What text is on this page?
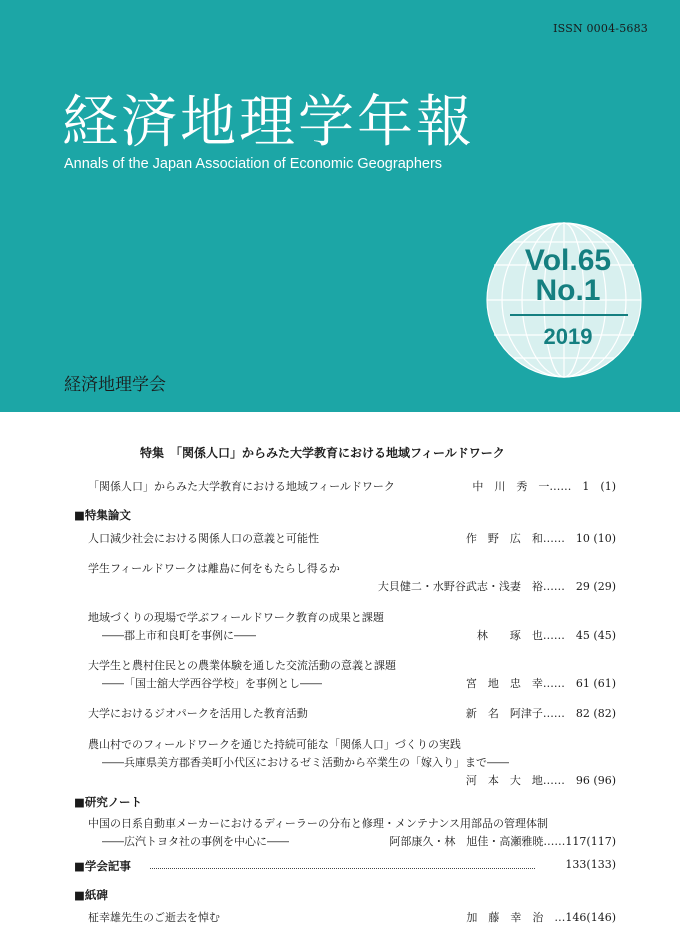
ISSN 0004-5683
経済地理学年報
Annals of the Japan Association of Economic Geographers
Vol.65
No.1
2019
経済地理学会
特集　「関係人口」からみた大学教育における地域フィールドワーク
「関係人口」からみた大学教育における地域フィールドワーク	中　川　秀　一……　1　(1)
■特集論文
人口減少社会における関係人口の意義と可能性	作　野　広　和……　10 (10)
学生フィールドワークは離島に何をもたらし得るか
大貝健二・水野谷武志・浅妻　裕……　29 (29)
地域づくりの現場で学ぶフィールドワーク教育の成果と課題
――郡上市和良町を事例に――	林　　琢　也……　45 (45)
大学生と農村住民との農業体験を通した交流活動の意義と課題
――「国士舘大学西谷学校」を事例とし――	宮　地　忠　幸……　61 (61)
大学におけるジオパークを活用した教育活動	新　名　阿津子……　82 (82)
農山村でのフィールドワークを通じた持続可能な「関係人口」づくりの実践
――兵庫県美方郡香美町小代区におけるゼミ活動から卒業生の「嫁入り」まで――
河　本　大　地……　96 (96)
■研究ノート
中国の日系自動車メーカーにおけるディーラーの分布と修理・メンテナンス用部品の管理体制
――広汽トヨタ社の事例を中心に――	阿部康久・林　旭佳・高瀬雅暁……117(117)
■学会記事	133(133)
■紙碑
柾幸雄先生のご逝去を悼む	加　藤　幸　治　…146(146)
